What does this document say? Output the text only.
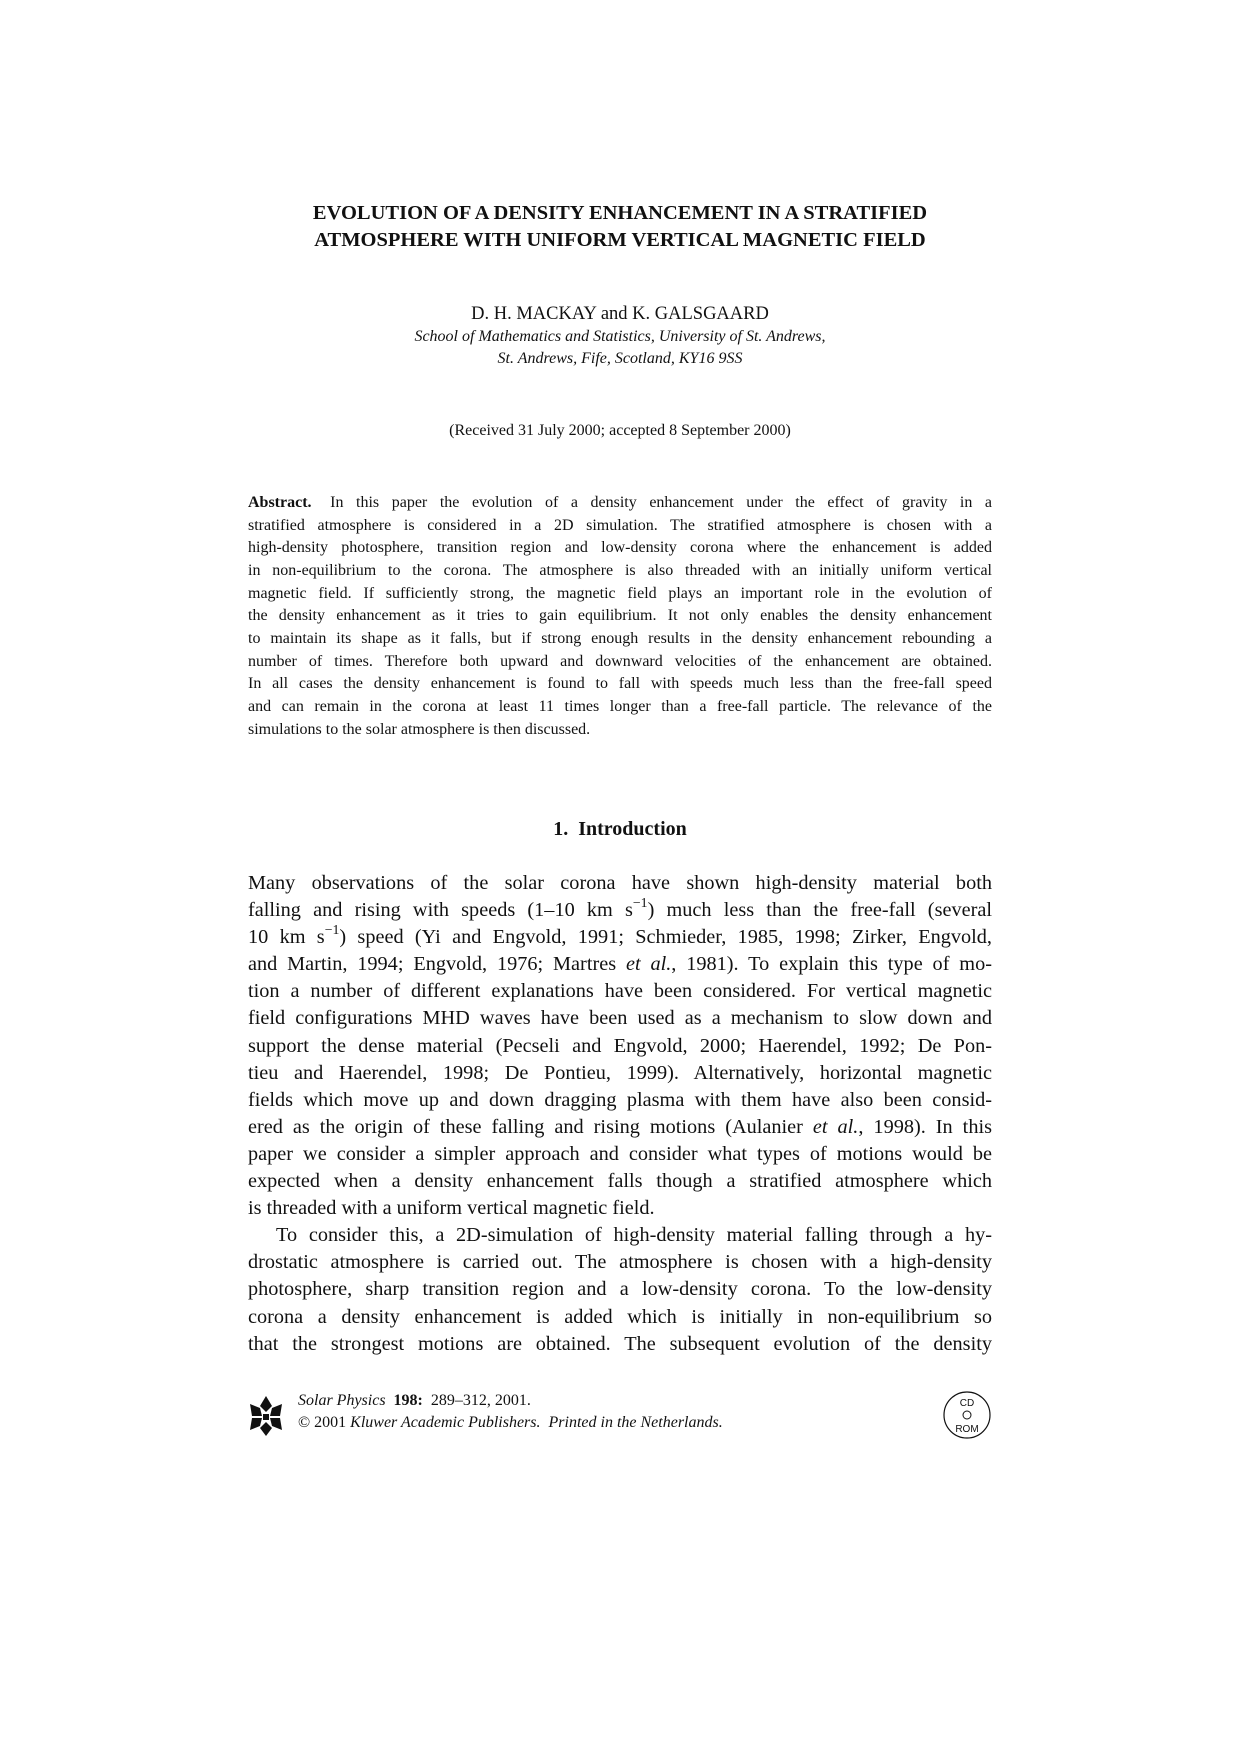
EVOLUTION OF A DENSITY ENHANCEMENT IN A STRATIFIED
ATMOSPHERE WITH UNIFORM VERTICAL MAGNETIC FIELD
D. H. MACKAY and K. GALSGAARD
School of Mathematics and Statistics, University of St. Andrews,
St. Andrews, Fife, Scotland, KY16 9SS
(Received 31 July 2000; accepted 8 September 2000)
Abstract. In this paper the evolution of a density enhancement under the effect of gravity in a
stratified atmosphere is considered in a 2D simulation. The stratified atmosphere is chosen with a
high-density photosphere, transition region and low-density corona where the enhancement is added
in non-equilibrium to the corona. The atmosphere is also threaded with an initially uniform vertical
magnetic field. If sufficiently strong, the magnetic field plays an important role in the evolution of
the density enhancement as it tries to gain equilibrium. It not only enables the density enhancement
to maintain its shape as it falls, but if strong enough results in the density enhancement rebounding a
number of times. Therefore both upward and downward velocities of the enhancement are obtained.
In all cases the density enhancement is found to fall with speeds much less than the free-fall speed
and can remain in the corona at least 11 times longer than a free-fall particle. The relevance of the
simulations to the solar atmosphere is then discussed.
1. Introduction
Many observations of the solar corona have shown high-density material both
falling and rising with speeds (1–10 km $s^{-1}$) much less than the free-fall (several
10 km $s^{-1}$) speed (Yi and Engvold, 1991; Schmieder, 1985, 1998; Zirker, Engvold,
and Martin, 1994; Engvold, 1976; Martres et al., 1981). To explain this type of mo-
tion a number of different explanations have been considered. For vertical magnetic
field configurations MHD waves have been used as a mechanism to slow down and
support the dense material (Pecseli and Engvold, 2000; Haerendel, 1992; De Pon-
tieu and Haerendel, 1998; De Pontieu, 1999). Alternatively, horizontal magnetic
fields which move up and down dragging plasma with them have also been consid-
ered as the origin of these falling and rising motions (Aulanier et al., 1998). In this
paper we consider a simpler approach and consider what types of motions would be
expected when a density enhancement falls though a stratified atmosphere which
is threaded with a uniform vertical magnetic field.
To consider this, a 2D-simulation of high-density material falling through a hy-
drostatic atmosphere is carried out. The atmosphere is chosen with a high-density
photosphere, sharp transition region and a low-density corona. To the low-density
corona a density enhancement is added which is initially in non-equilibrium so
that the strongest motions are obtained. The subsequent evolution of the density
Solar Physics 198: 289–312, 2001.
© 2001 Kluwer Academic Publishers. Printed in the Netherlands.
CD
ROM
